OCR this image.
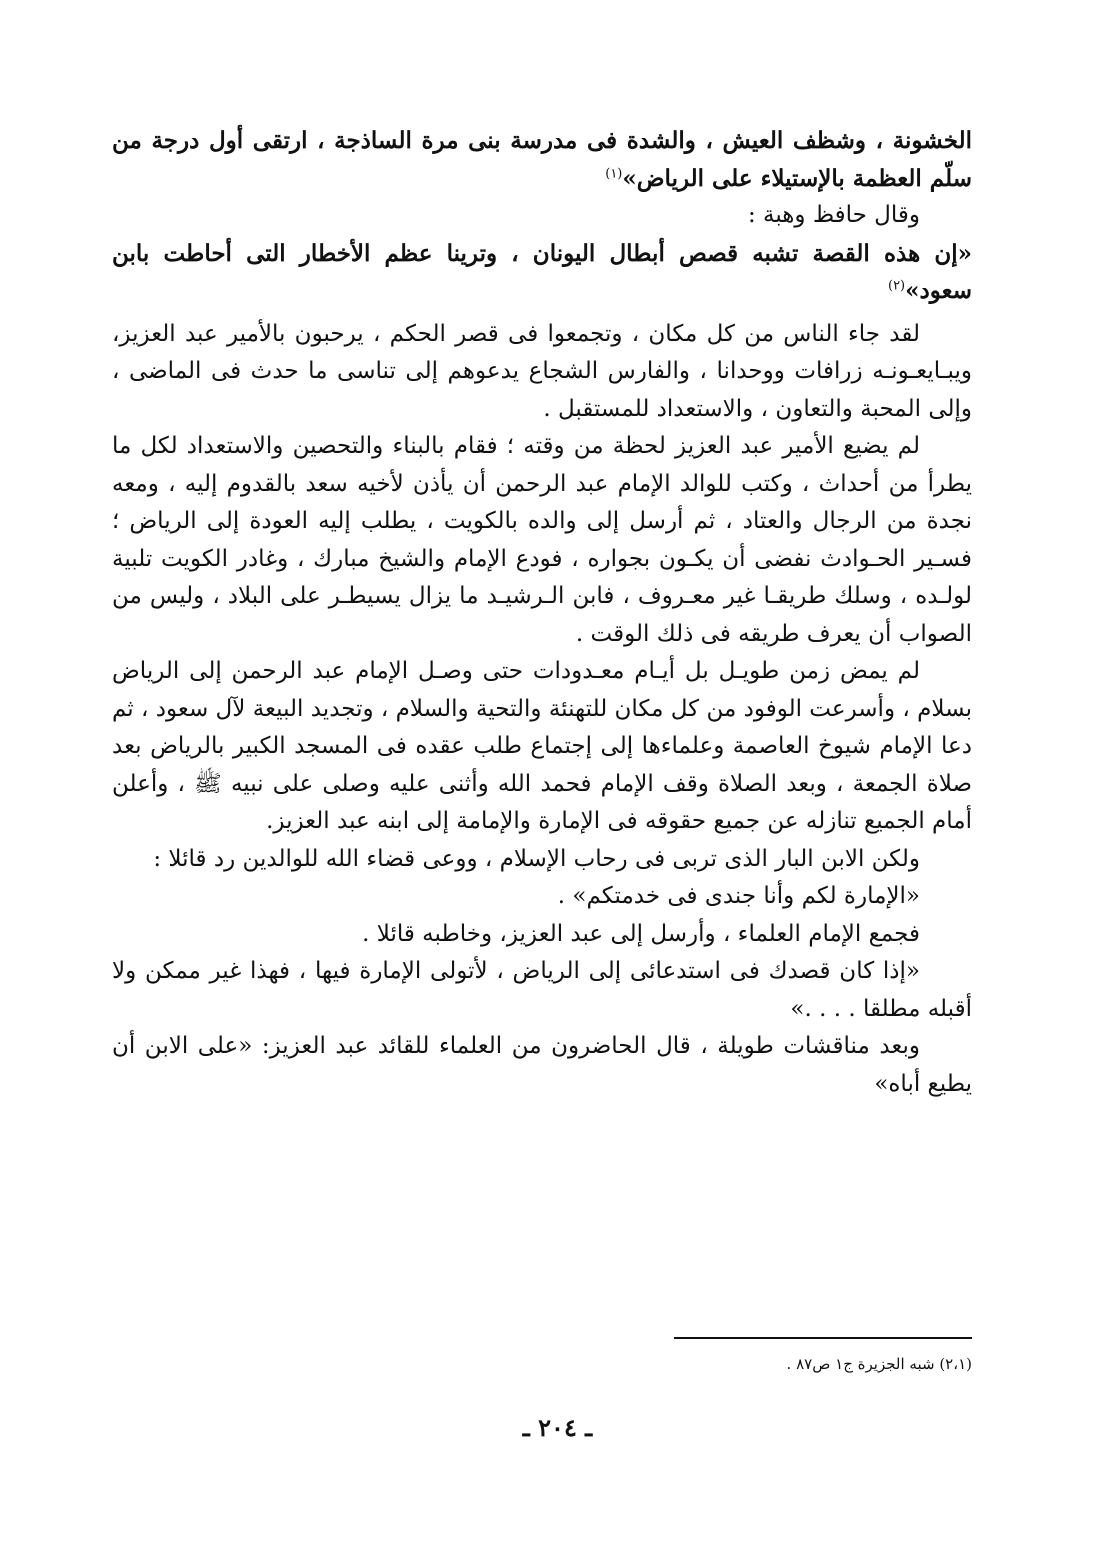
الخشونة ، وشظف العيش ، والشدة فى مدرسة بنى مرة الساذجة ، ارتقى أول درجة من سلّم العظمة بالإستيلاء على الرياض»$^{(١)}$

وقال حافظ وهبة :

«إن هذه القصة تشبه قصص أبطال اليونان ، وترينا عظم الأخطار التى أحاطت بابن سعود»$^{(٢)}$

لقد جاء الناس من كل مكان ، وتجمعوا فى قصر الحكم ، يرحبون بالأمير عبد العزيز، ويبـايعـونـه زرافات ووحدانا ، والفارس الشجاع يدعوهم إلى تناسى ما حدث فى الماضى ، وإلى المحبة والتعاون ، والاستعداد للمستقبل .

لم يضيع الأمير عبد العزيز لحظة من وقته ؛ فقام بالبناء والتحصين والاستعداد لكل ما يطرأ من أحداث ، وكتب للوالد الإمام عبد الرحمن أن يأذن لأخيه سعد بالقدوم إليه ، ومعه نجدة من الرجال والعتاد ، ثم أرسل إلى والده بالكويت ، يطلب إليه العودة إلى الرياض ؛ فسـير الحـوادث نفضى أن يكـون بجواره ، فودع الإمام والشيخ مبارك ، وغادر الكويت تلبية لولـده ، وسلك طريقـا غير معـروف ، فابن الـرشيـد ما يزال يسيطـر على البلاد ، وليس من الصواب أن يعرف طريقه فى ذلك الوقت .

لم يمض زمن طويـل بل أيـام معـدودات حتى وصـل الإمام عبد الرحمن إلى الرياض بسلام ، وأسرعت الوفود من كل مكان للتهنئة والتحية والسلام ، وتجديد البيعة لآل سعود ، ثم دعا الإمام شيوخ العاصمة وعلماءها إلى إجتماع طلب عقده فى المسجد الكبير بالرياض بعد صلاة الجمعة ، وبعد الصلاة وقف الإمام فحمد الله وأثنى عليه وصلى على نبيه ﷺ ، وأعلن أمام الجميع تنازله عن جميع حقوقه فى الإمارة والإمامة إلى ابنه عبد العزيز.

ولكن الابن البار الذى تربى فى رحاب الإسلام ، ووعى قضاء الله للوالدين رد قائلا :

«الإمارة لكم وأنا جندى فى خدمتكم» .

فجمع الإمام العلماء ، وأرسل إلى عبد العزيز، وخاطبه قائلا .

«إذا كان قصدك فى استدعائى إلى الرياض ، لأتولى الإمارة فيها ، فهذا غير ممكن ولا أقبله مطلقا . . . .»

وبعد مناقشات طويلة ، قال الحاضرون من العلماء للقائد عبد العزيز: «على الابن أن يطيع أباه»

(٢،١) شبه الجزيرة ج١ ص٨٧ .
ـ ٢٠٤ ـ
